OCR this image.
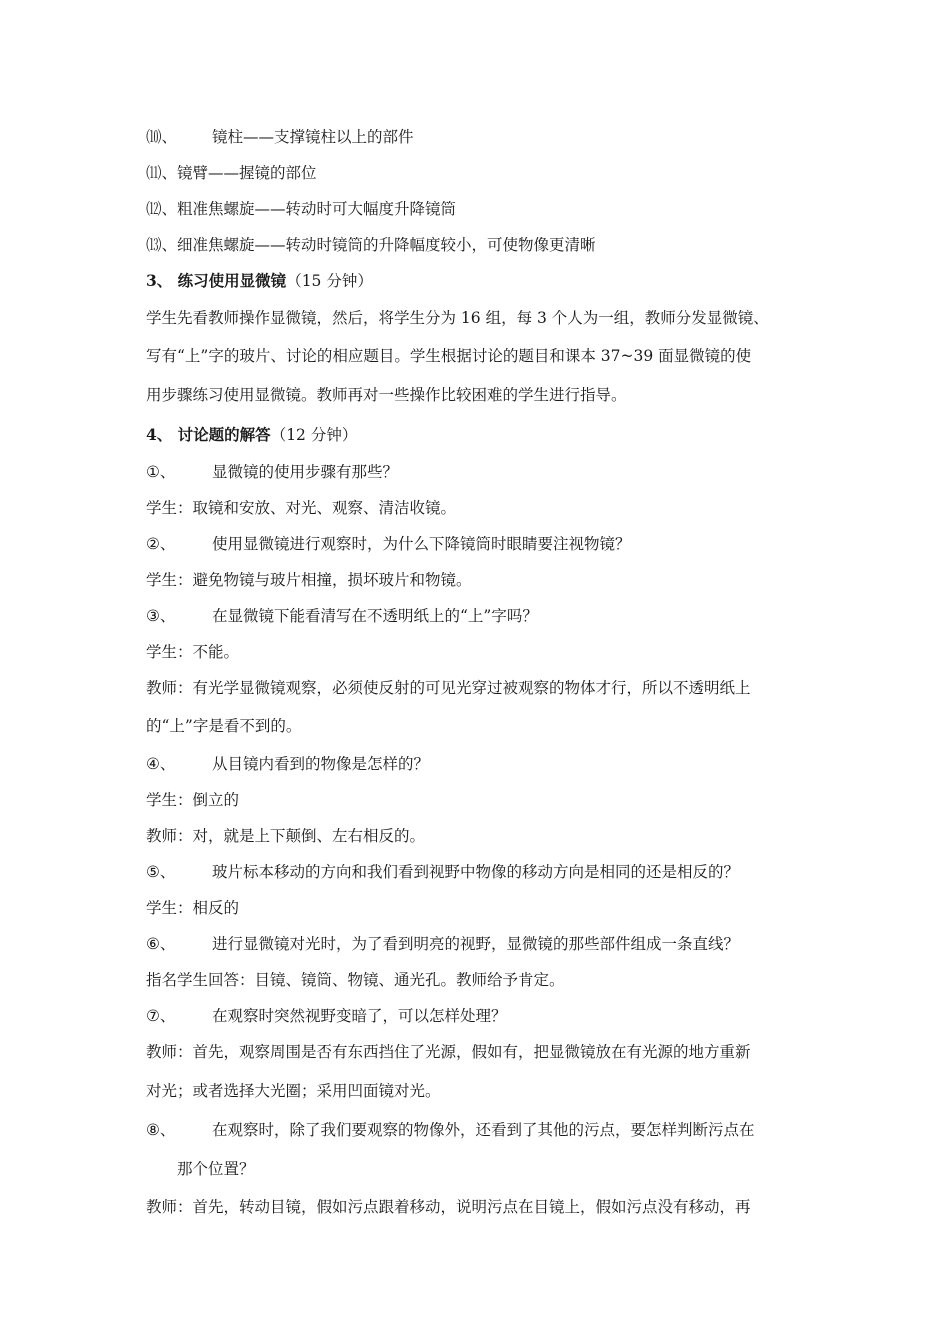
⑽、 镜柱——支撑镜柱以上的部件
⑾、镜臂——握镜的部位
⑿、粗准焦螺旋——转动时可大幅度升降镜筒
⒀、细准焦螺旋——转动时镜筒的升降幅度较小，可使物像更清晰
3、 练习使用显微镜（15 分钟）
学生先看教师操作显微镜，然后，将学生分为 16 组，每 3 个人为一组，教师分发显微镜、
写有“上”字的玻片、讨论的相应题目。学生根据讨论的题目和课本 37~39 面显微镜的使
用步骤练习使用显微镜。教师再对一些操作比较困难的学生进行指导。
4、 讨论题的解答（12 分钟）
①、 显微镜的使用步骤有那些？
学生：取镜和安放、对光、观察、清洁收镜。
②、 使用显微镜进行观察时，为什么下降镜筒时眼睛要注视物镜？
学生：避免物镜与玻片相撞，损坏玻片和物镜。
③、 在显微镜下能看清写在不透明纸上的“上”字吗？
学生：不能。
教师：有光学显微镜观察，必须使反射的可见光穿过被观察的物体才行，所以不透明纸上
的“上”字是看不到的。
④、 从目镜内看到的物像是怎样的？
学生：倒立的
教师：对，就是上下颠倒、左右相反的。
⑤、 玻片标本移动的方向和我们看到视野中物像的移动方向是相同的还是相反的？
学生：相反的
⑥、 进行显微镜对光时，为了看到明亮的视野，显微镜的那些部件组成一条直线？
指名学生回答：目镜、镜筒、物镜、通光孔。教师给予肯定。
⑦、 在观察时突然视野变暗了，可以怎样处理？
教师：首先，观察周围是否有东西挡住了光源，假如有，把显微镜放在有光源的地方重新
对光；或者选择大光圈；采用凹面镜对光。
⑧、 在观察时，除了我们要观察的物像外，还看到了其他的污点，要怎样判断污点在
那个位置？
教师：首先，转动目镜，假如污点跟着移动，说明污点在目镜上，假如污点没有移动，再
